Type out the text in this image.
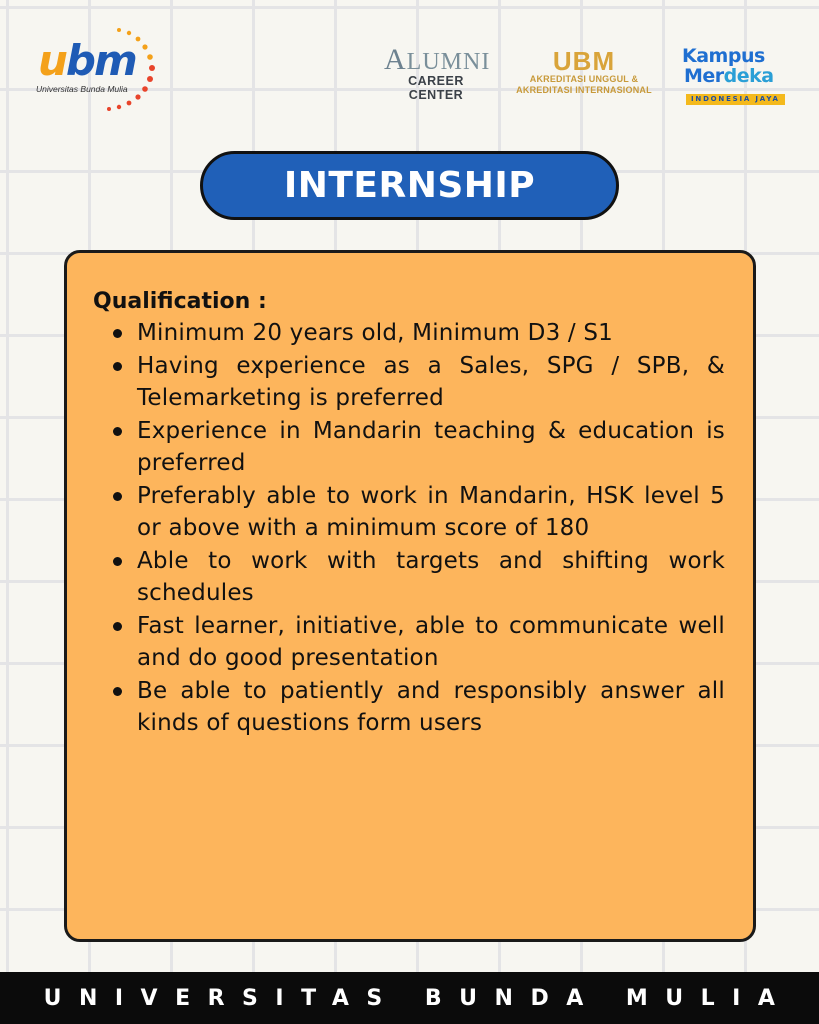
ubm
Universitas Bunda Mulia
ALUMNI
CAREER CENTER
UBM
AKREDITASI UNGGUL &
AKREDITASI INTERNASIONAL
Kampus
Merdeka
INDONESIA JAYA
INTERNSHIP
Qualification :
Minimum 20 years old, Minimum D3 / S1
Having experience as a Sales, SPG / SPB, & Telemarketing is preferred
Experience in Mandarin teaching & education is preferred
Preferably able to work in Mandarin, HSK level 5 or above with a minimum score of 180
Able to work with targets and shifting work schedules
Fast learner, initiative, able to communicate well and do good presentation
Be able to patiently and responsibly answer all kinds of questions form users
UNIVERSITAS BUNDA MULIA
